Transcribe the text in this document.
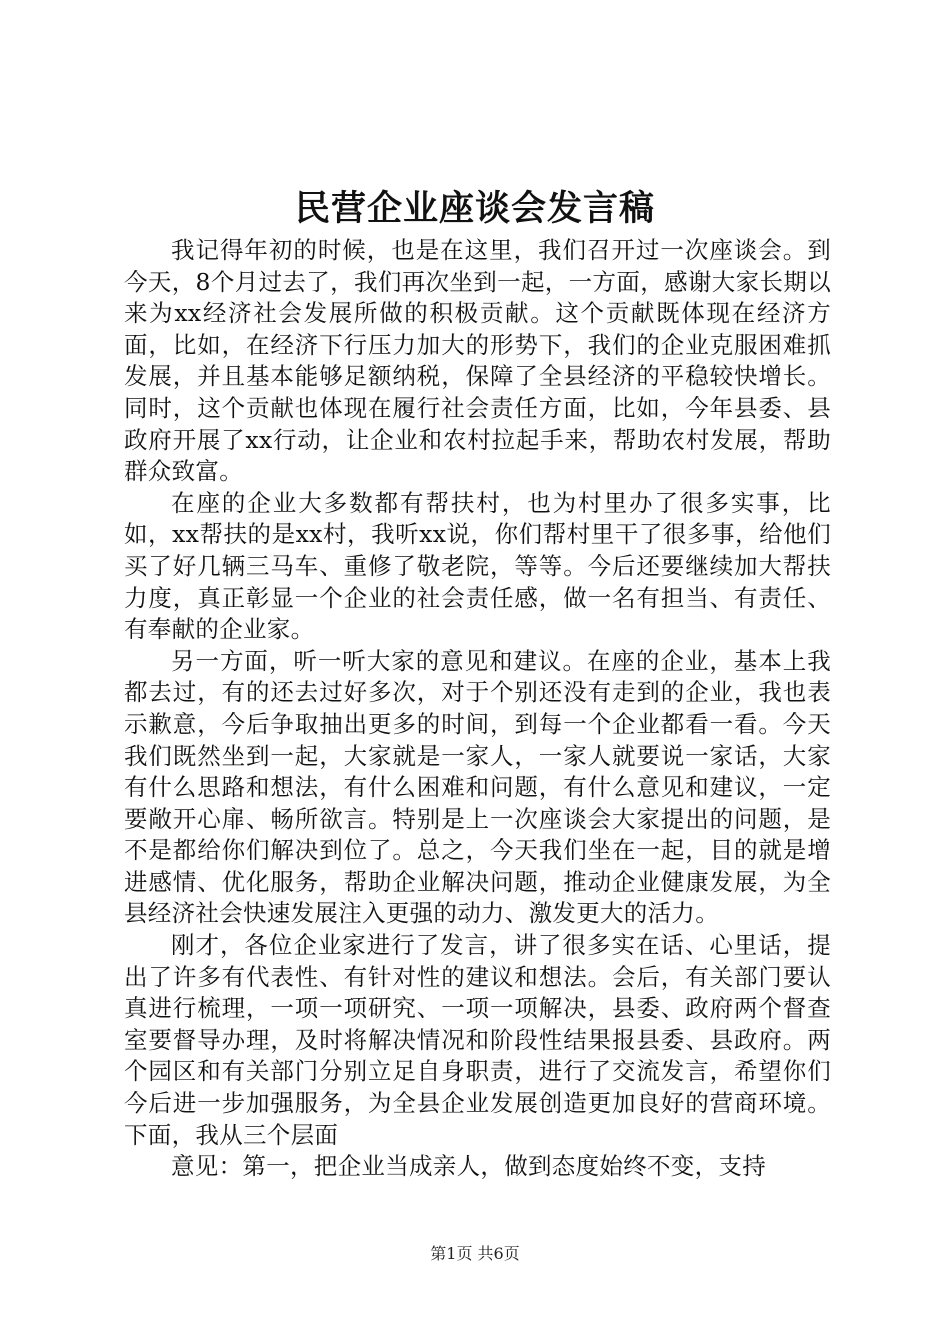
民营企业座谈会发言稿

我记得年初的时候，也是在这里，我们召开过一次座谈会。到今天，8个月过去了，我们再次坐到一起，一方面，感谢大家长期以来为xx经济社会发展所做的积极贡献。这个贡献既体现在经济方面，比如，在经济下行压力加大的形势下，我们的企业克服困难抓发展，并且基本能够足额纳税，保障了全县经济的平稳较快增长。同时，这个贡献也体现在履行社会责任方面，比如，今年县委、县政府开展了xx行动，让企业和农村拉起手来，帮助农村发展，帮助群众致富。

在座的企业大多数都有帮扶村，也为村里办了很多实事，比如，xx帮扶的是xx村，我听xx说，你们帮村里干了很多事，给他们买了好几辆三马车、重修了敬老院，等等。今后还要继续加大帮扶力度，真正彰显一个企业的社会责任感，做一名有担当、有责任、有奉献的企业家。

另一方面，听一听大家的意见和建议。在座的企业，基本上我都去过，有的还去过好多次，对于个别还没有走到的企业，我也表示歉意，今后争取抽出更多的时间，到每一个企业都看一看。今天我们既然坐到一起，大家就是一家人，一家人就要说一家话，大家有什么思路和想法，有什么困难和问题，有什么意见和建议，一定要敞开心扉、畅所欲言。特别是上一次座谈会大家提出的问题，是不是都给你们解决到位了。总之，今天我们坐在一起，目的就是增进感情、优化服务，帮助企业解决问题，推动企业健康发展，为全县经济社会快速发展注入更强的动力、激发更大的活力。

刚才，各位企业家进行了发言，讲了很多实在话、心里话，提出了许多有代表性、有针对性的建议和想法。会后，有关部门要认真进行梳理，一项一项研究、一项一项解决，县委、政府两个督查室要督导办理，及时将解决情况和阶段性结果报县委、县政府。两个园区和有关部门分别立足自身职责，进行了交流发言，希望你们今后进一步加强服务，为全县企业发展创造更加良好的营商环境。下面，我从三个层面

意见：第一，把企业当成亲人，做到态度始终不变，支持

第1页 共6页
